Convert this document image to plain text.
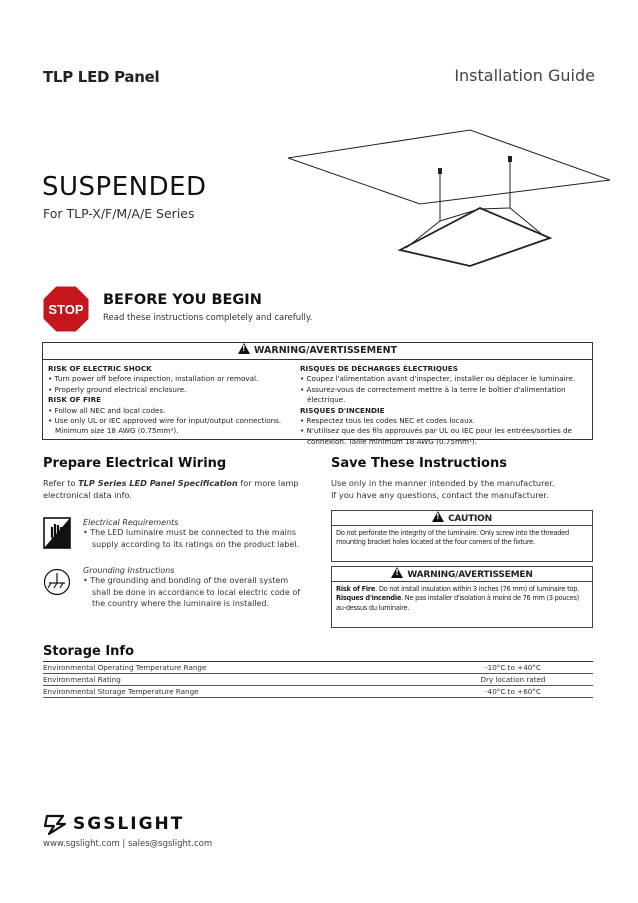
TLP LED Panel	Installation Guide
SUSPENDED
For TLP-X/F/M/A/E Series
STOP
BEFORE YOU BEGIN
Read these instructions completely and carefully.
!WARNING/AVERTISSEMENT
RISK OF ELECTRIC SHOCK
• Turn power off before inspection, installation or removal.
• Properly ground electrical enclosure.
RISK OF FIRE
• Follow all NEC and local codes.
• Use only UL or IEC approved wire for input/output connections. Minimum size 18 AWG (0.75mm²).
RISQUES DE DÉCHARGES ÉLECTRIQUES
• Coupez l'alimentation avant d'inspecter, installer ou déplacer le luminaire.
• Assurez-vous de correctement mettre à la terre le boîtier d'alimentation électrique.
RISQUES D'INCENDIE
• Respectez tous les codes NEC et codes locaux.
• N'utilisez que des fils approuvés par UL ou IEC pour les entrées/sorties de connexion. Taille minimum 18 AWG (0.75mm²).
Prepare Electrical Wiring
Refer to TLP Series LED Panel Specification for more lamp electronical data info.
Electrical Requirements
• The LED luminaire must be connected to the mains supply according to its ratings on the product label.
Grounding Instructions
• The grounding and bonding of the overall system shall be done in accordance to local electric code of the country where the luminaire is installed.
Save These Instructions
Use only in the manner intended by the manufacturer.
If you have any questions, contact the manufacturer.
!CAUTION
Do not perforate the integrity of the luminaire. Only screw into the threaded mounting bracket holes located at the four corners of the fixture.
!WARNING/AVERTISSEMEN
Risk of Fire. Do not install insulation within 3 inches (76 mm) of luminaire top.
Risques d'incendie. Ne pas installer d'isolation à moins de 76 mm (3 pouces) au-dessus du luminaire.
Storage Info
Environmental Operating Temperature Range	-10°C to +40°C
Environmental Rating	Dry location rated
Environmental Storage Temperature Range	-40°C to +60°C
SGSLIGHT
www.sgslight.com | sales@sgslight.com
